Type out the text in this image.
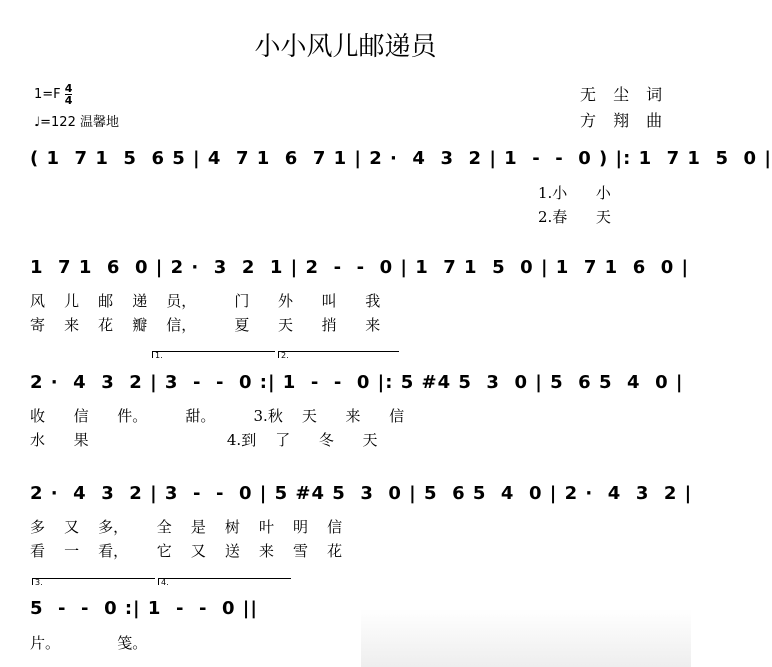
小小风儿邮递员
$1=F \frac{4}{4}$
♩=122 温馨地
无 尘 词
方 翔 曲
( 1  7 1  5  6 5 | 4  7 1  6  7 1 | 2 ·  4  3  2 | 1  -  -  0 ) |: 1  7 1  5  0 |
1.小      小
2.春      天
1  7 1  6  0 | 2 ·  3  2  1 | 2  -  -  0 | 1  7 1  5  0 | 1  7 1  6  0 |
风    儿    邮    递    员，        门      外      叫      我
寄    来    花    瓣    信，        夏      天      捎      来
1.	2.
2 ·  4  3  2 | 3  -  -  0 :| 1  -  -  0 |: 5 #4 5  3  0 | 5  6 5  4  0 |
收      信      件。        甜。        3.秋    天      来      信
水      果                             4.到    了      冬      天
2 ·  4  3  2 | 3  -  -  0 | 5 #4 5  3  0 | 5  6 5  4  0 | 2 ·  4  3  2 |
多    又    多，      全    是    树    叶    明    信
看    一    看，      它    又    送    来    雪    花
3.	4.
5  -  -  0 :| 1  -  -  0 ||
片。            笺。
